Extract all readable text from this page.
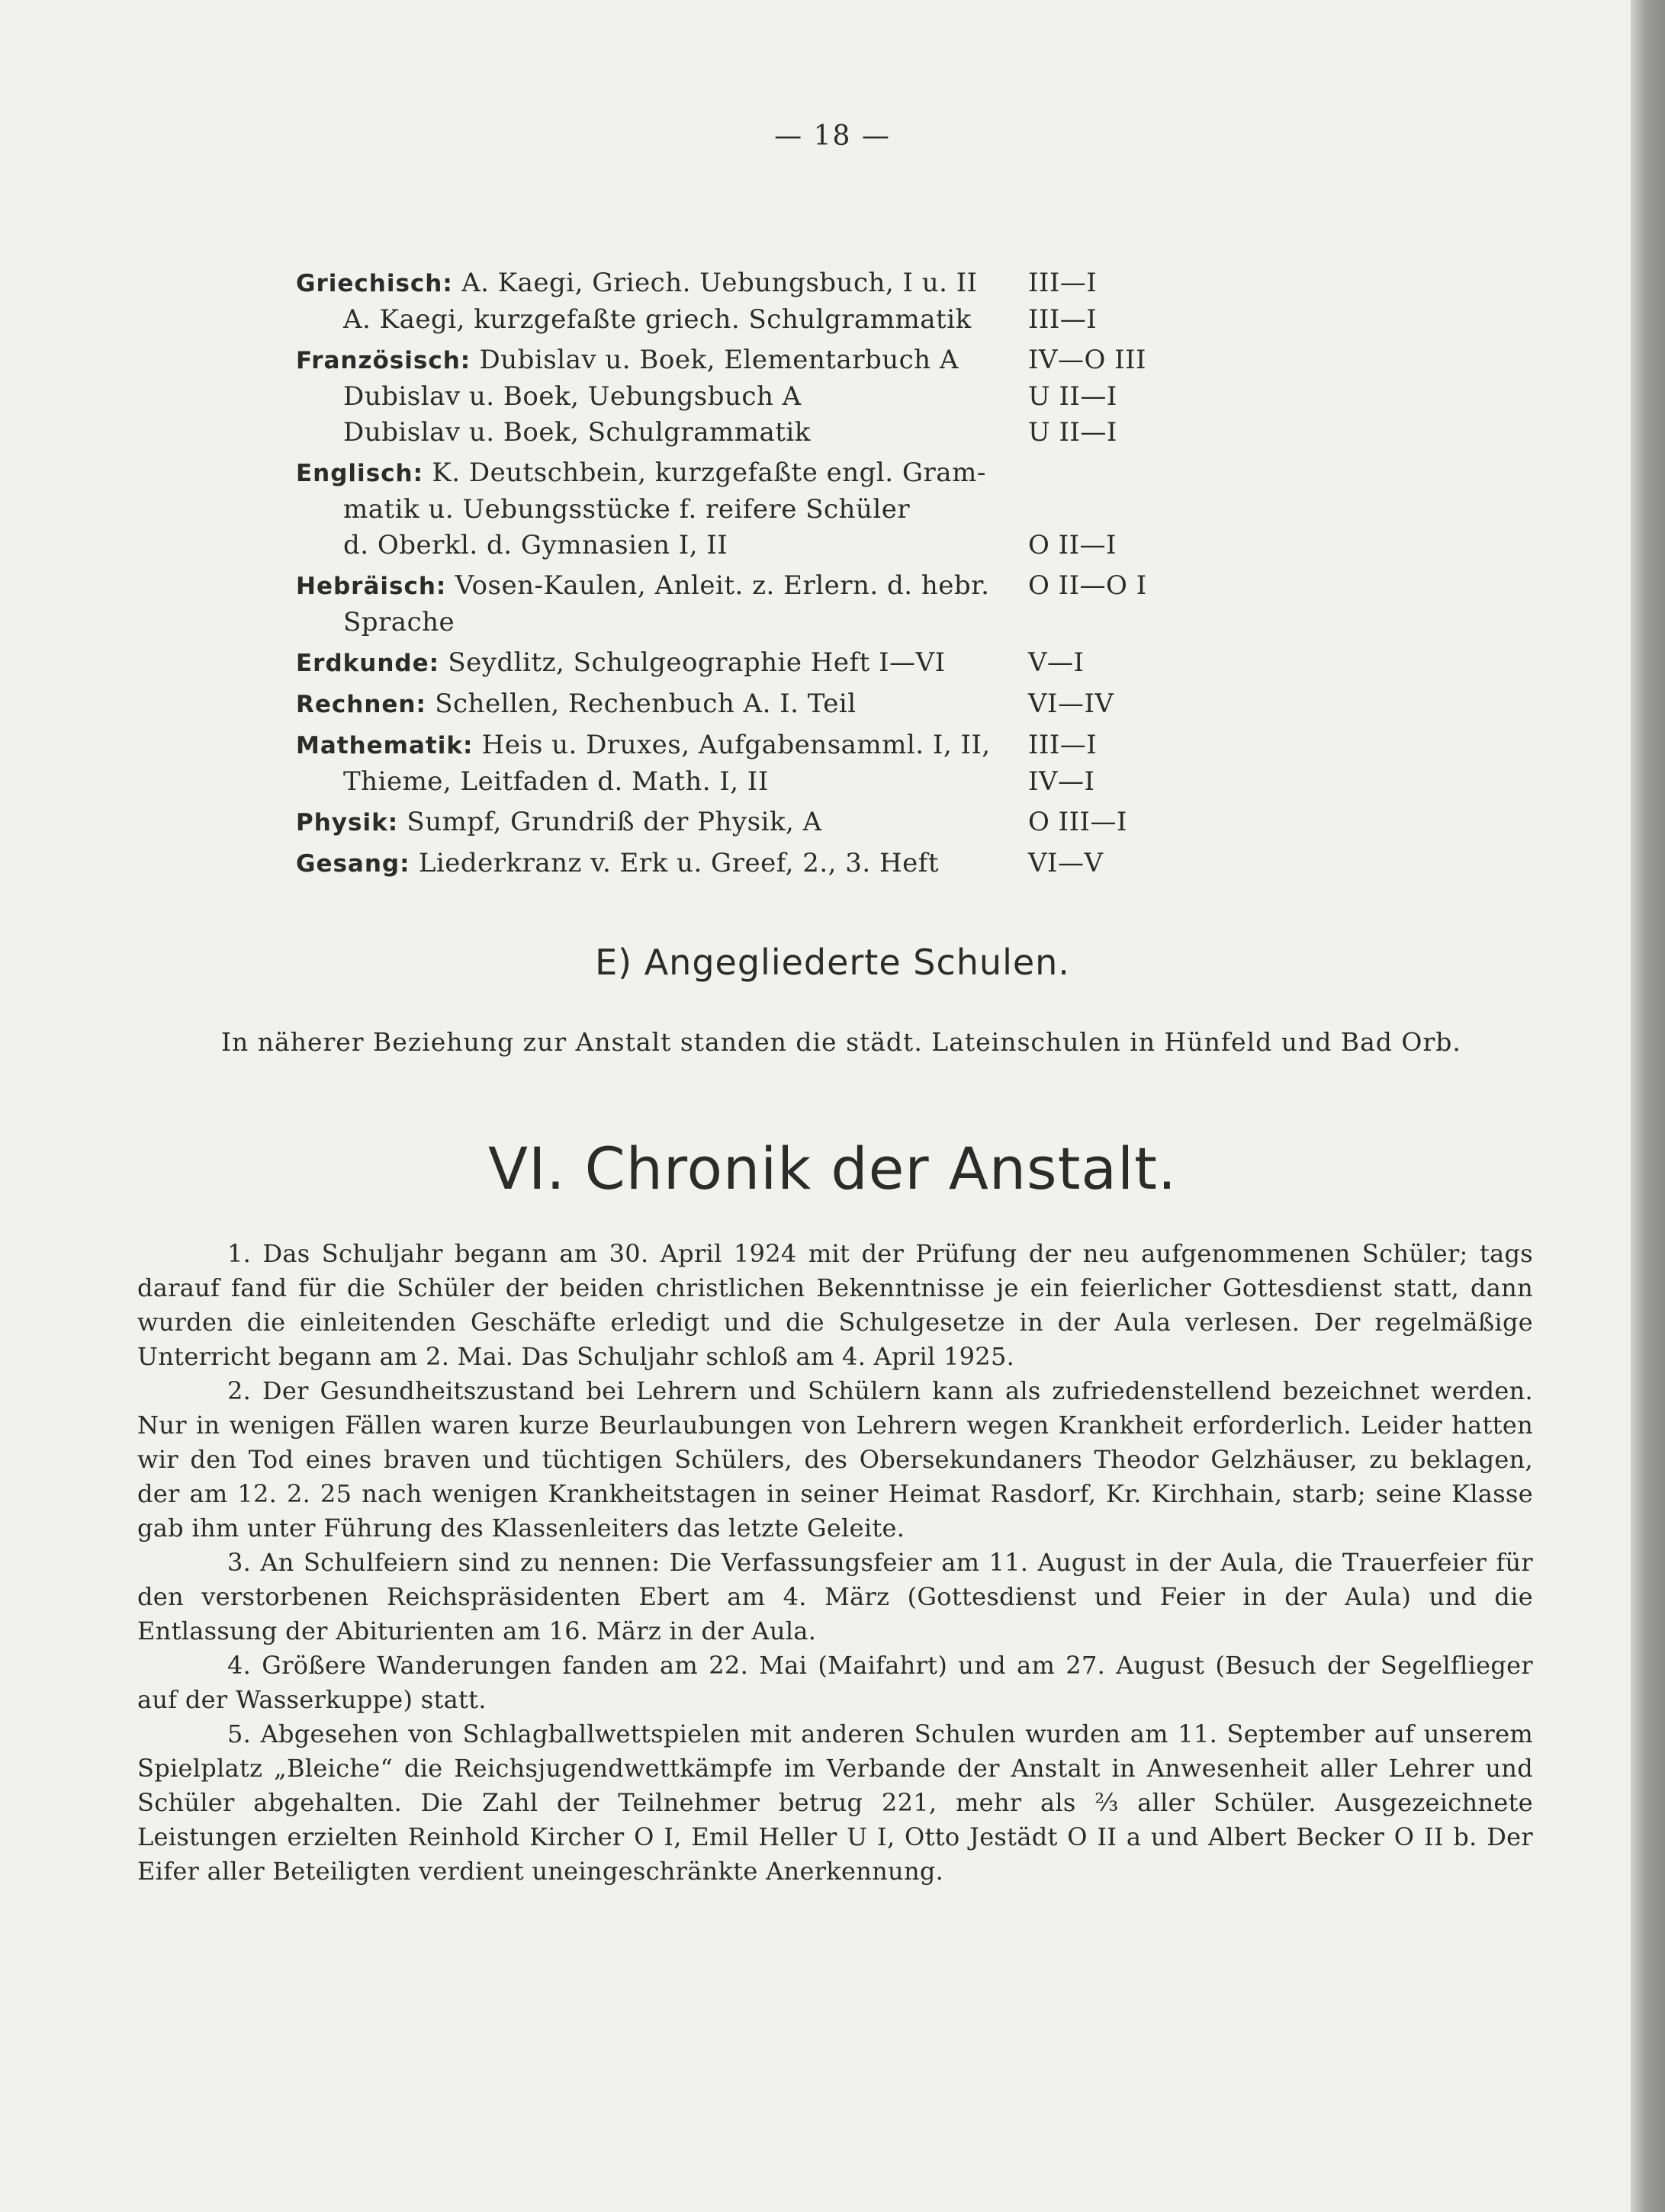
— 18 —
Griechisch: A. Kaegi, Griech. Uebungsbuch, I u. II	III—I
A. Kaegi, kurzgefaßte griech. Schulgrammatik	III—I
Französisch: Dubislav u. Boek, Elementarbuch A	IV—O III
Dubislav u. Boek, Uebungsbuch A	U II—I
Dubislav u. Boek, Schulgrammatik	U II—I
Englisch: K. Deutschbein, kurzgefaßte engl. Gram-
matik u. Uebungsstücke f. reifere Schüler
d. Oberkl. d. Gymnasien I, II	O II—I
Hebräisch: Vosen-Kaulen, Anleit. z. Erlern. d. hebr.	O II—O I
Sprache
Erdkunde: Seydlitz, Schulgeographie Heft I—VI	V—I
Rechnen: Schellen, Rechenbuch A. I. Teil	VI—IV
Mathematik: Heis u. Druxes, Aufgabensamml. I, II,	III—I
Thieme, Leitfaden d. Math. I, II	IV—I
Physik: Sumpf, Grundriß der Physik, A	O III—I
Gesang: Liederkranz v. Erk u. Greef, 2., 3. Heft	VI—V
E) Angegliederte Schulen.
In näherer Beziehung zur Anstalt standen die städt. Lateinschulen in Hünfeld und Bad Orb.
VI. Chronik der Anstalt.

1. Das Schuljahr begann am 30. April 1924 mit der Prüfung der neu aufgenommenen Schüler; tags darauf fand für die Schüler der beiden christlichen Bekenntnisse je ein feierlicher Gottesdienst statt, dann wurden die einleitenden Geschäfte erledigt und die Schulgesetze in der Aula verlesen. Der regelmäßige Unterricht begann am 2. Mai. Das Schuljahr schloß am 4. April 1925.

2. Der Gesundheitszustand bei Lehrern und Schülern kann als zufriedenstellend bezeichnet werden. Nur in wenigen Fällen waren kurze Beurlaubungen von Lehrern wegen Krankheit erforderlich. Leider hatten wir den Tod eines braven und tüchtigen Schülers, des Obersekundaners Theodor Gelzhäuser, zu beklagen, der am 12. 2. 25 nach wenigen Krankheitstagen in seiner Heimat Rasdorf, Kr. Kirchhain, starb; seine Klasse gab ihm unter Führung des Klassenleiters das letzte Geleite.

3. An Schulfeiern sind zu nennen: Die Verfassungsfeier am 11. August in der Aula, die Trauerfeier für den verstorbenen Reichspräsidenten Ebert am 4. März (Gottesdienst und Feier in der Aula) und die Entlassung der Abiturienten am 16. März in der Aula.

4. Größere Wanderungen fanden am 22. Mai (Maifahrt) und am 27. August (Besuch der Segelflieger auf der Wasserkuppe) statt.

5. Abgesehen von Schlagballwettspielen mit anderen Schulen wurden am 11. September auf unserem Spielplatz „Bleiche“ die Reichsjugendwettkämpfe im Verbande der Anstalt in Anwesenheit aller Lehrer und Schüler abgehalten. Die Zahl der Teilnehmer betrug 221, mehr als ⅔ aller Schüler. Ausgezeichnete Leistungen erzielten Reinhold Kircher O I, Emil Heller U I, Otto Jestädt O II a und Albert Becker O II b. Der Eifer aller Beteiligten verdient uneingeschränkte Anerkennung.
